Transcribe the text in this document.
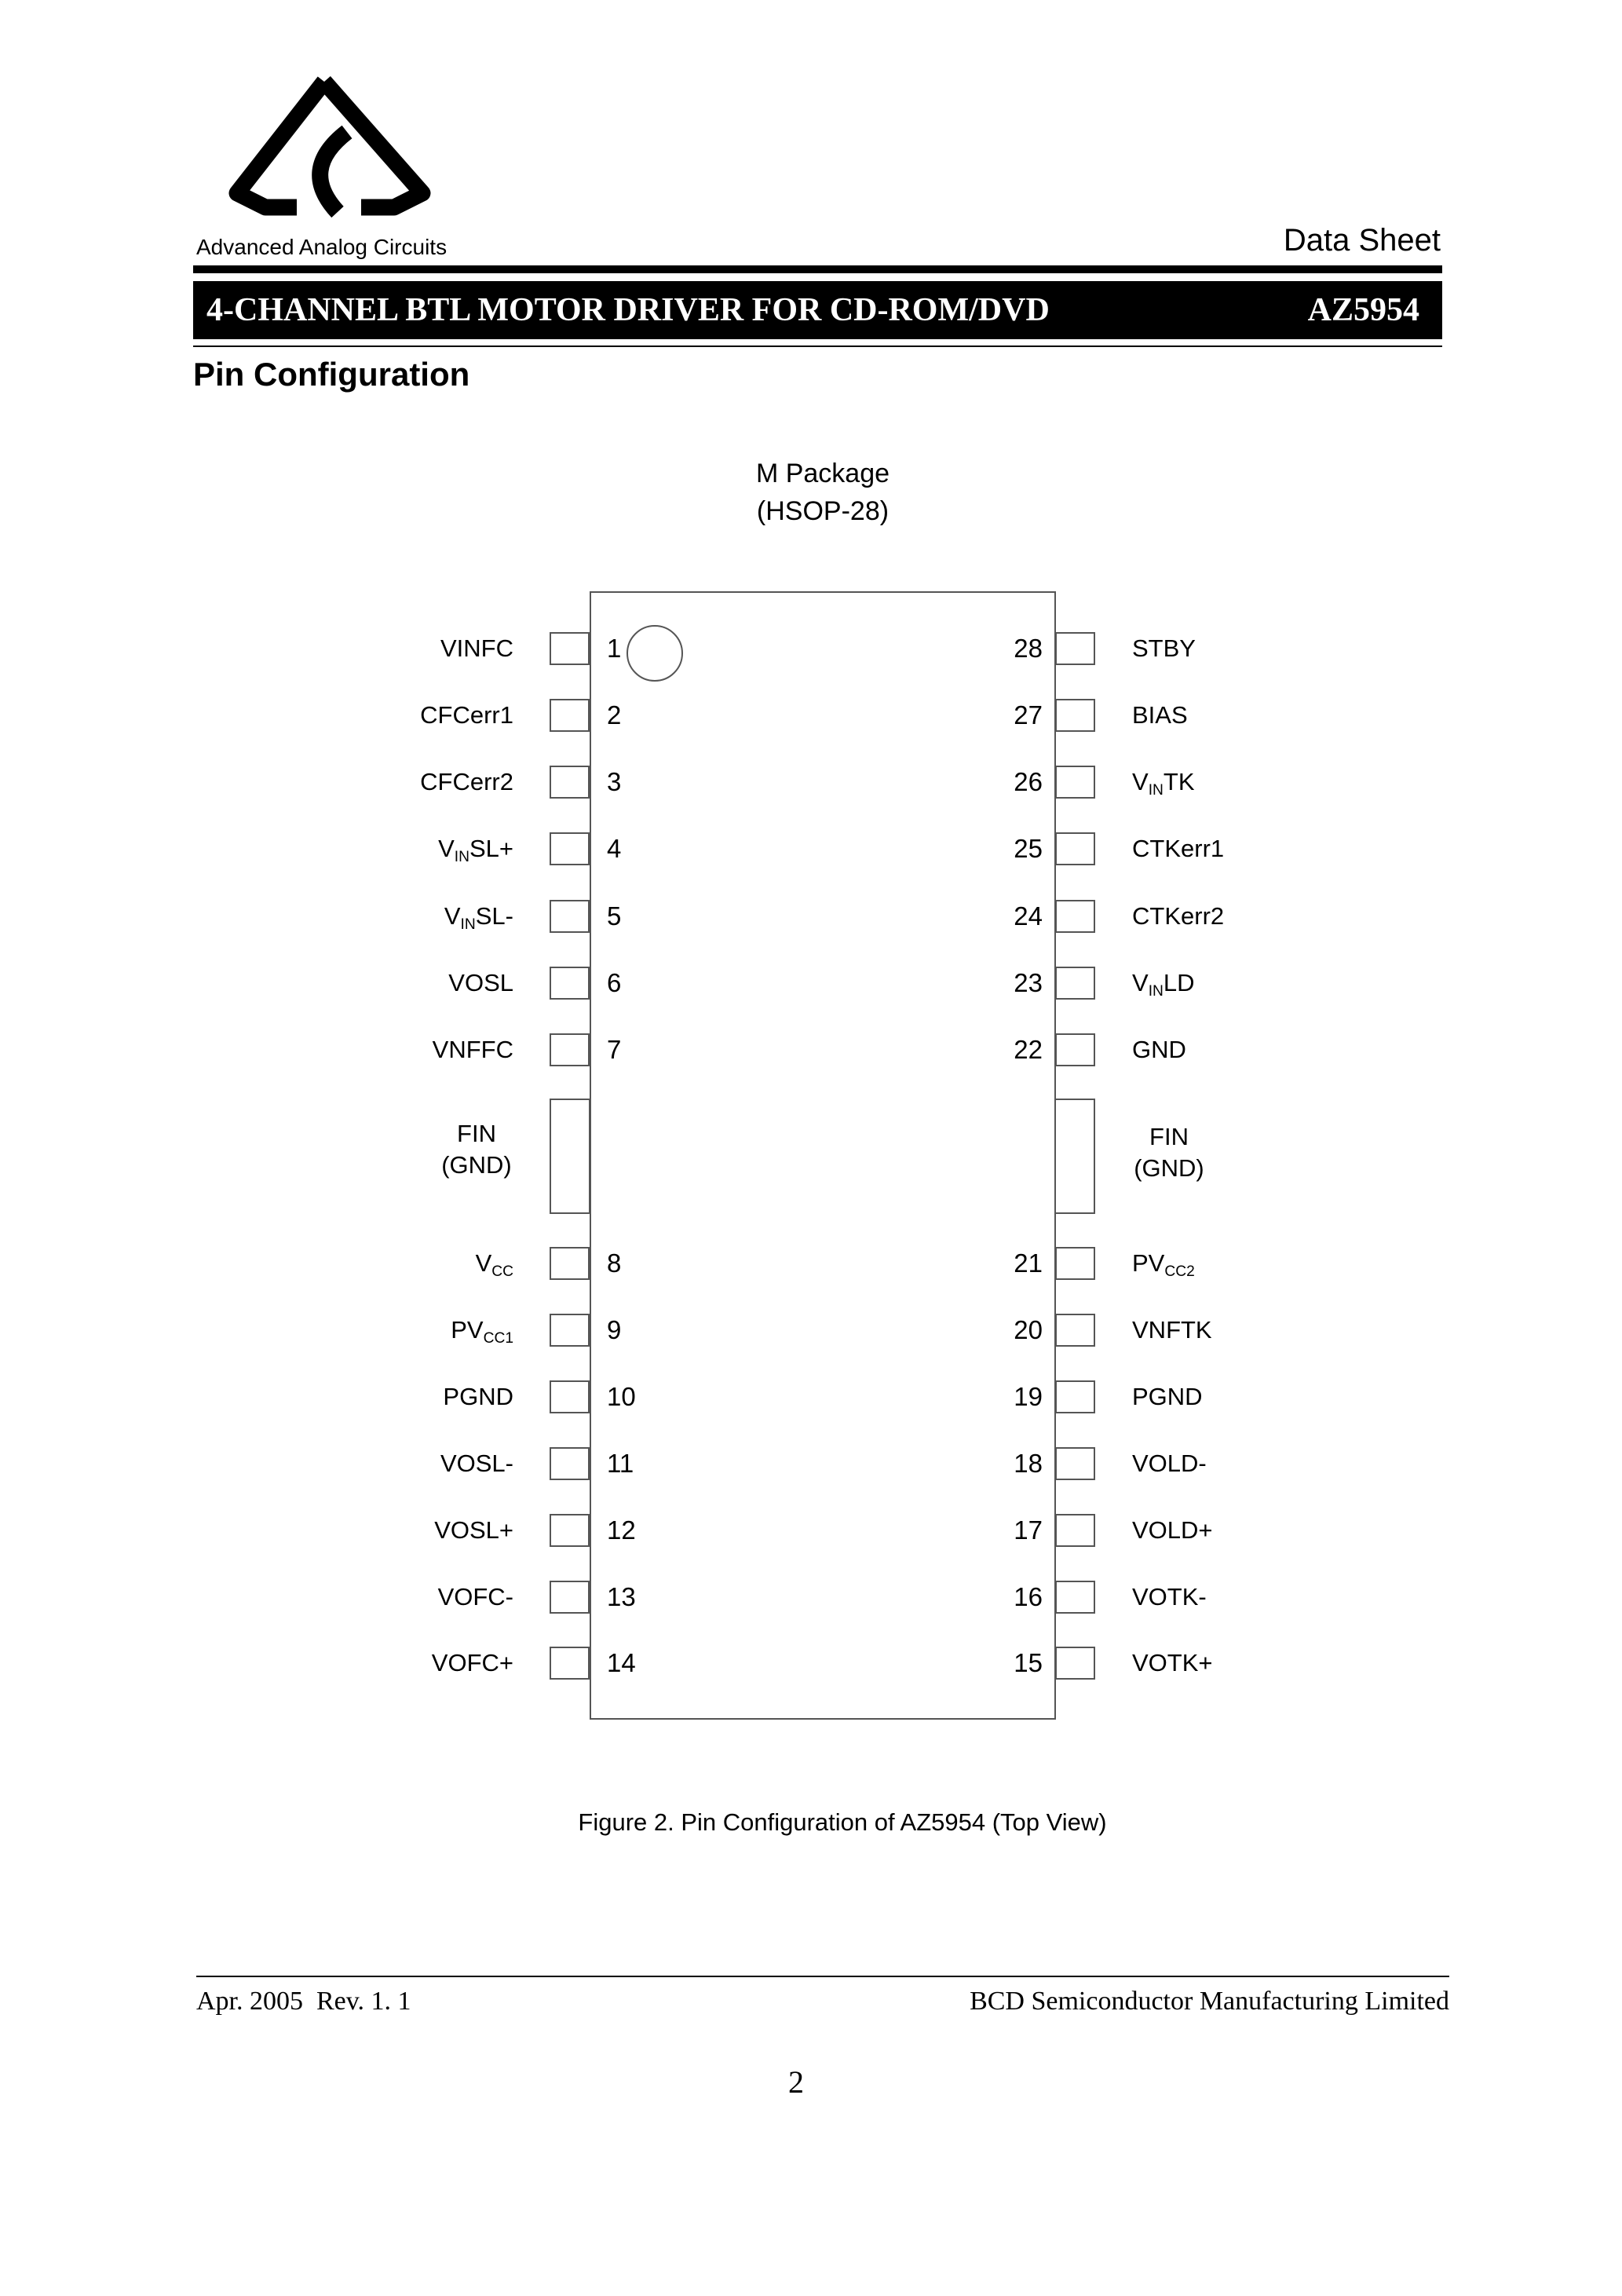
Advanced Analog Circuits	Data Sheet
4-CHANNEL BTL MOTOR DRIVER FOR CD-ROM/DVD	AZ5954
Pin Configuration
M Package
(HSOP-28)
FIN
(GND)
FIN
(GND)
VINFC	1
CFCerr1	2
CFCerr2	3
$V_{IN}SL+$	4
$V_{IN}SL-$	5
VOSL	6
VNFFC	7
$V_{CC}$	8
$PV_{CC1}$	9
PGND	10
VOSL-	11
VOSL+	12
VOFC-	13
VOFC+	14
28	STBY
27	BIAS
26	$V_{IN}TK$
25	CTKerr1
24	CTKerr2
23	$V_{IN}LD$
22	GND
21	$PV_{CC2}$
20	VNFTK
19	PGND
18	VOLD-
17	VOLD+
16	VOTK-
15	VOTK+
Figure 2. Pin Configuration of AZ5954 (Top View)
Apr. 2005  Rev. 1. 1	BCD Semiconductor Manufacturing Limited
2
